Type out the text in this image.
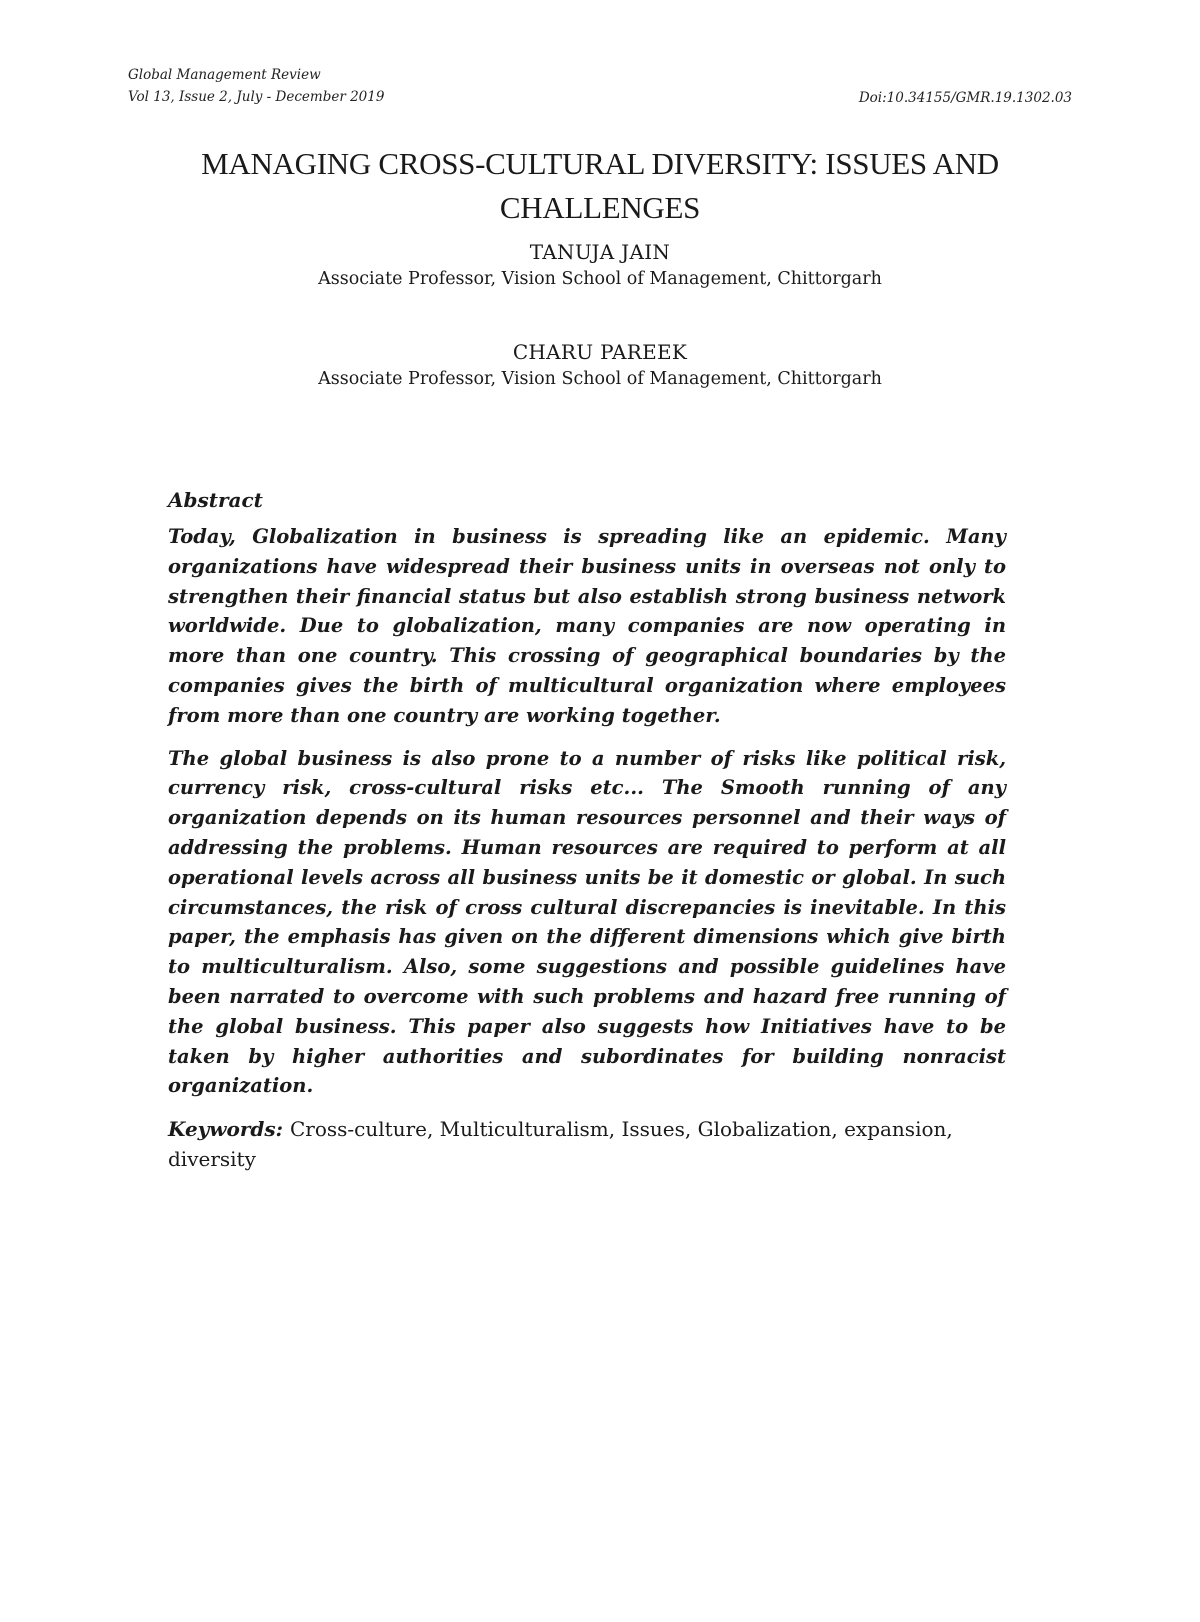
Global Management Review
Vol 13, Issue 2, July - December 2019	Doi:10.34155/GMR.19.1302.03
MANAGING CROSS-CULTURAL DIVERSITY: ISSUES AND CHALLENGES
TANUJA JAIN
Associate Professor, Vision School of Management, Chittorgarh
CHARU PAREEK
Associate Professor, Vision School of Management, Chittorgarh
Abstract

Today, Globalization in business is spreading like an epidemic. Many organizations have widespread their business units in overseas not only to strengthen their financial status but also establish strong business network worldwide. Due to globalization, many companies are now operating in more than one country. This crossing of geographical boundaries by the companies gives the birth of multicultural organization where employees from more than one country are working together.

The global business is also prone to a number of risks like political risk, currency risk, cross-cultural risks etc... The Smooth running of any organization depends on its human resources personnel and their ways of addressing the problems. Human resources are required to perform at all operational levels across all business units be it domestic or global. In such circumstances, the risk of cross cultural discrepancies is inevitable. In this paper, the emphasis has given on the different dimensions which give birth to multiculturalism. Also, some suggestions and possible guidelines have been narrated to overcome with such problems and hazard free running of the global business. This paper also suggests how Initiatives have to be taken by higher authorities and subordinates for building nonracist organization.

Keywords: Cross-culture, Multiculturalism, Issues, Globalization, expansion, diversity
